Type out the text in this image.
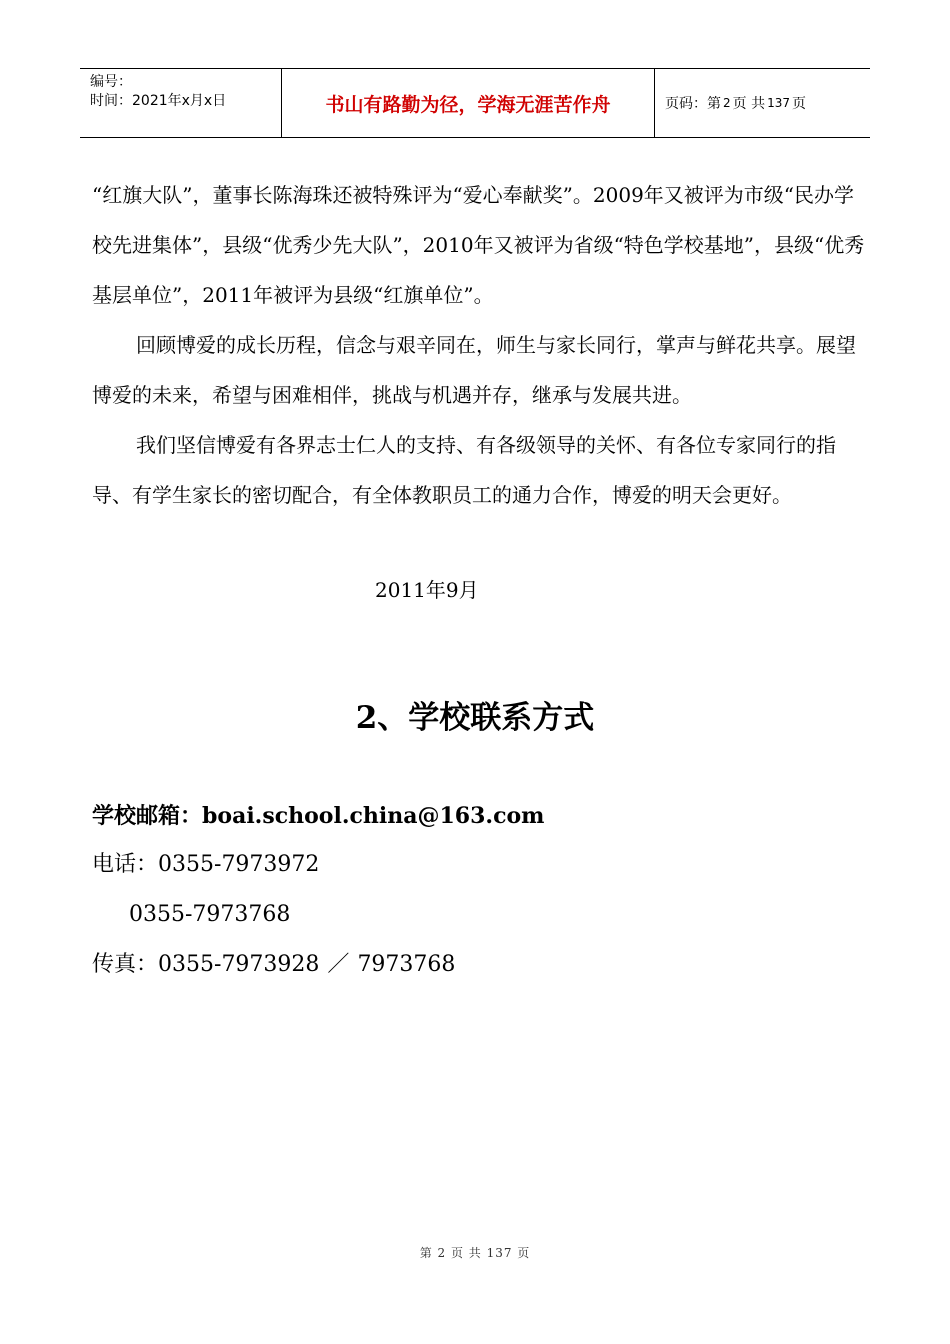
编号：
时间：2021年x月x日	书山有路勤为径，学海无涯苦作舟	页码：第 2 页 共 137 页

“红旗大队”，董事长陈海珠还被特殊评为“爱心奉献奖”。2009年又被评为市级“民办学校先进集体”，县级“优秀少先大队”，2010年又被评为省级“特色学校基地”，县级“优秀基层单位”，2011年被评为县级“红旗单位”。

回顾博爱的成长历程，信念与艰辛同在，师生与家长同行，掌声与鲜花共享。展望博爱的未来，希望与困难相伴，挑战与机遇并存，继承与发展共进。

我们坚信博爱有各界志士仁人的支持、有各级领导的关怀、有各位专家同行的指导、有学生家长的密切配合，有全体教职员工的通力合作，博爱的明天会更好。

2011年9月
2、学校联系方式
学校邮箱：boai.school.china@163.com
电话：0355-7973972
0355-7973768
传真：0355-7973928 ／ 7973768
第 2 页 共 137 页
